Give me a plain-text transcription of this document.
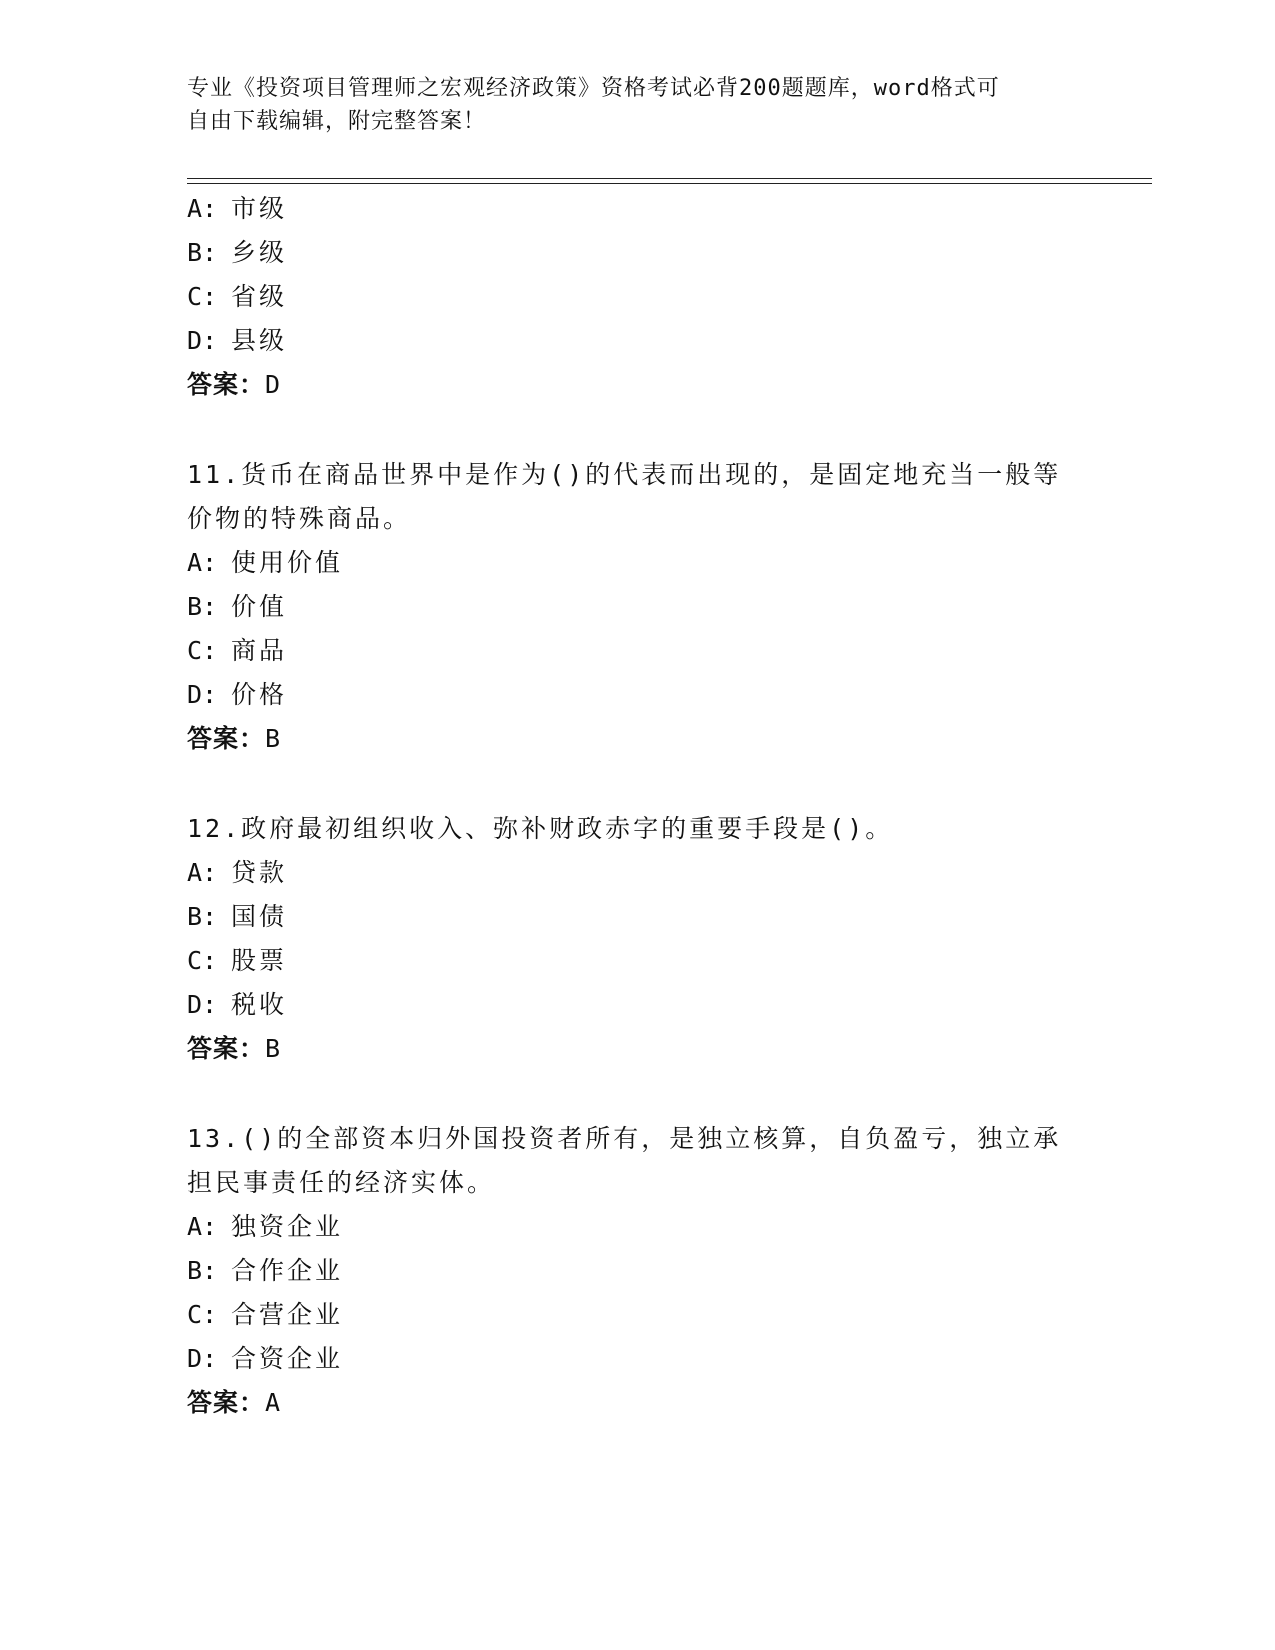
专业《投资项目管理师之宏观经济政策》资格考试必背200题题库，word格式可
自由下载编辑，附完整答案！
A: 市级
B: 乡级
C: 省级
D: 县级
答案：D
11.货币在商品世界中是作为()的代表而出现的，是固定地充当一般等
价物的特殊商品。
A: 使用价值
B: 价值
C: 商品
D: 价格
答案：B
12.政府最初组织收入、弥补财政赤字的重要手段是()。
A: 贷款
B: 国债
C: 股票
D: 税收
答案：B
13.()的全部资本归外国投资者所有，是独立核算，自负盈亏，独立承
担民事责任的经济实体。
A: 独资企业
B: 合作企业
C: 合营企业
D: 合资企业
答案：A
